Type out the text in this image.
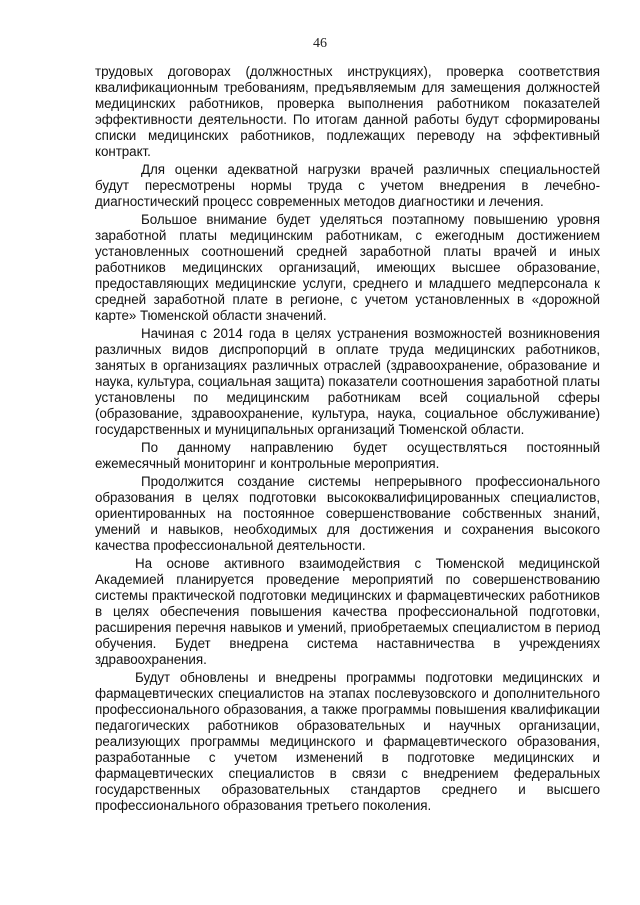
46

трудовых договорах (должностных инструкциях), проверка соответствия квалификационным требованиям, предъявляемым для замещения должностей медицинских работников, проверка выполнения работником показателей эффективности деятельности. По итогам данной работы будут сформированы списки медицинских работников, подлежащих переводу на эффективный контракт.

Для оценки адекватной нагрузки врачей различных специальностей будут пересмотрены нормы труда с учетом внедрения в лечебно-диагностический процесс современных методов диагностики и лечения.

Большое внимание будет уделяться поэтапному повышению уровня заработной платы медицинским работникам, с ежегодным достижением установленных соотношений средней заработной платы врачей и иных работников медицинских организаций, имеющих высшее образование, предоставляющих медицинские услуги, среднего и младшего медперсонала к средней заработной плате в регионе, с учетом установленных в «дорожной карте» Тюменской области значений.

Начиная с 2014 года в целях устранения возможностей возникновения различных видов диспропорций в оплате труда медицинских работников, занятых в организациях различных отраслей (здравоохранение, образование и наука, культура, социальная защита) показатели соотношения заработной платы установлены по медицинским работникам всей социальной сферы (образование, здравоохранение, культура, наука, социальное обслуживание) государственных и муниципальных организаций Тюменской области.

По данному направлению будет осуществляться постоянный ежемесячный мониторинг и контрольные мероприятия.

Продолжится создание системы непрерывного профессионального образования в целях подготовки высококвалифицированных специалистов, ориентированных на постоянное совершенствование собственных знаний, умений и навыков, необходимых для достижения и сохранения высокого качества профессиональной деятельности.

На основе активного взаимодействия с Тюменской медицинской Академией планируется проведение мероприятий по совершенствованию системы практической подготовки медицинских и фармацевтических работников в целях обеспечения повышения качества профессиональной подготовки, расширения перечня навыков и умений, приобретаемых специалистом в период обучения. Будет внедрена система наставничества в учреждениях здравоохранения.

Будут обновлены и внедрены программы подготовки медицинских и фармацевтических специалистов на этапах послевузовского и дополнительного профессионального образования, а также программы повышения квалификации педагогических работников образовательных и научных организации, реализующих программы медицинского и фармацевтического образования, разработанные с учетом изменений в подготовке медицинских и фармацевтических специалистов в связи с внедрением федеральных государственных образовательных стандартов среднего и высшего профессионального образования третьего поколения.
